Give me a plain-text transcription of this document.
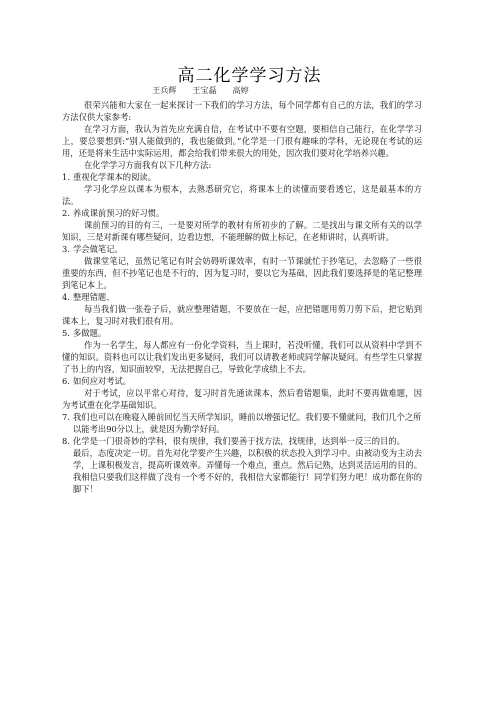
高二化学学习方法
王兵辉      王宝磊      高婷

很荣兴能和大家在一起来探讨一下我们的学习方法，每个同学都有自己的方法，我们的学习方法仅供大家参考:

在学习方面，我认为首先应充满自信，在考试中不要有空题，要相信自己能行，在化学学习上，要总要想到:“别人能做到的，我也能做到。”化学是一门很有趣味的学科，无论现在考试的运用，还是将来生活中实际运用，都会给我们带来很大的用处，因次我们要对化学培养兴趣。

在化学学习方面我有以下几种方法:

1. 重视化学课本的阅读。

学习化学应以课本为根本，去熟悉研究它，将课本上的读懂而要看透它，这是最基本的方法。

2. 养成课前预习的好习惯。

课前预习的目的有三，一是要对所学的教材有所初步的了解。二是找出与课文所有关的以学知识，三是对新课有哪些疑问，边看边想，不能理解的做上标记，在老师讲时，认真听讲。

3. 学会做笔记。

做课堂笔记，虽然记笔记有时会妨碍听课效率，有时一节课就忙于抄笔记，去忽略了一些很重要的东西，但不抄笔记也是不行的，因为复习时，要以它为基础，因此我们要选择是的笔记整理到笔记本上。

4. 整理错题、

每当我们做一张卷子后，就应整理错题，不要放在一起，应把错题用剪刀剪下后，把它贴到课本上，复习时对我们很有用。

5. 多做题。

作为一名学生，每人都应有一份化学资料，当上课时，若没听懂，我们可以从资料中学到不懂的知识。资料也可以让我们发出更多疑问，我们可以请教老师或同学解决疑问。有些学生只掌握了书上的内容，知识面较窄，无法把握自己，导致化学成绩上不去。

6. 如何应对考试。

对于考试，应以平常心对待，复习时首先通读课本，然后看错题集，此时不要再做难题，因为考试重在化学基础知识。

7. 我们也可以在晚寝入睡前回忆当天所学知识，睡前以增强记忆。我们要不懂就问，我们几个之所以能考出90分以上，就是因为勤学好问。
8. 化学是一门很奇妙的学科，很有规律，我们要善于找方法，找规律，达到举一反三的目的。

最后，态度决定一切。首先对化学要产生兴趣，以积极的状态投入到学习中。由被动变为主动去学，上课积极发言，提高听课效率。弄懂每一个难点，重点。然后记熟，达到灵活运用的目的。我相信只要我们这样做了没有一个考不好的，我相信大家都能行！同学们努力吧！成功都在你的脚下！
